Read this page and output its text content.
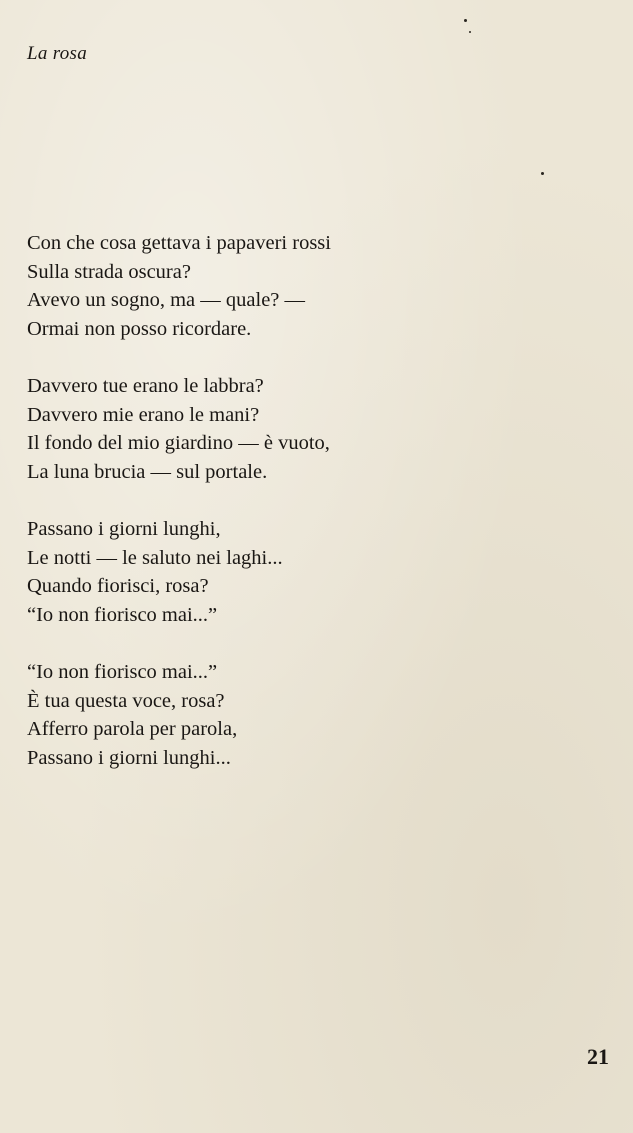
La rosa
Con che cosa gettava i papaveri rossi
Sulla strada oscura?
Avevo un sogno, ma — quale? —
Ormai non posso ricordare.
Davvero tue erano le labbra?
Davvero mie erano le mani?
Il fondo del mio giardino — è vuoto,
La luna brucia — sul portale.
Passano i giorni lunghi,
Le notti — le saluto nei laghi...
Quando fiorisci, rosa?
“Io non fiorisco mai...”
“Io non fiorisco mai...”
È tua questa voce, rosa?
Afferro parola per parola,
Passano i giorni lunghi...
21
